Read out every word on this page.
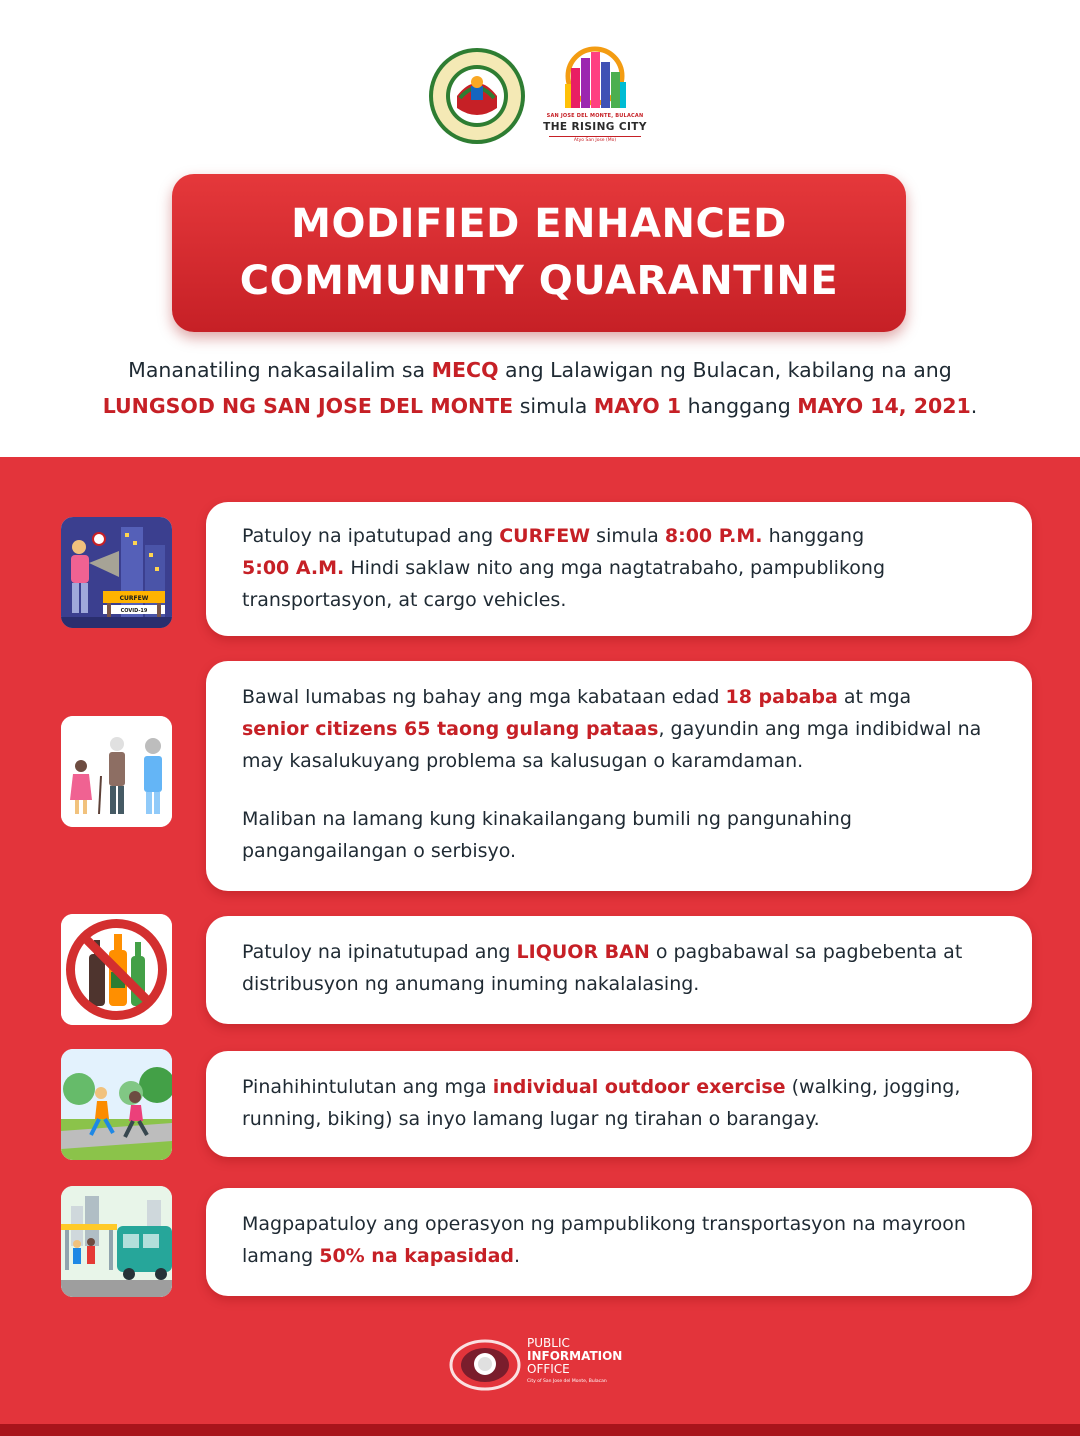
SAN JOSE DEL MONTE, BULACAN
THE RISING CITY
Atyo San Jose (Mo)
MODIFIED ENHANCED
COMMUNITY QUARANTINE
Mananatiling nakasailalim sa MECQ ang Lalawigan ng Bulacan, kabilang na ang
LUNGSOD NG SAN JOSE DEL MONTE simula MAYO 1 hanggang MAYO 14, 2021.
CURFEW
COVID-19

Patuloy na ipatutupad ang CURFEW simula 8:00 P.M. hanggang
5:00 A.M. Hindi saklaw nito ang mga nagtatrabaho, pampublikong transportasyon, at cargo vehicles.

Bawal lumabas ng bahay ang mga kabataan edad 18 pababa at mga
senior citizens 65 taong gulang pataas, gayundin ang mga indibidwal na may kasalukuyang problema sa kalusugan o karamdaman.

Maliban na lamang kung kinakailangang bumili ng pangunahing pangangailangan o serbisyo.

Patuloy na ipinatutupad ang LIQUOR BAN o pagbabawal sa pagbebenta at distribusyon ng anumang inuming nakalalasing.

Pinahihintulutan ang mga individual outdoor exercise (walking, jogging, running, biking) sa inyo lamang lugar ng tirahan o barangay.

Magpapatuloy ang operasyon ng pampublikong transportasyon na mayroon lamang 50% na kapasidad.

PUBLIC
INFORMATION
OFFICE
City of San Jose del Monte, Bulacan
